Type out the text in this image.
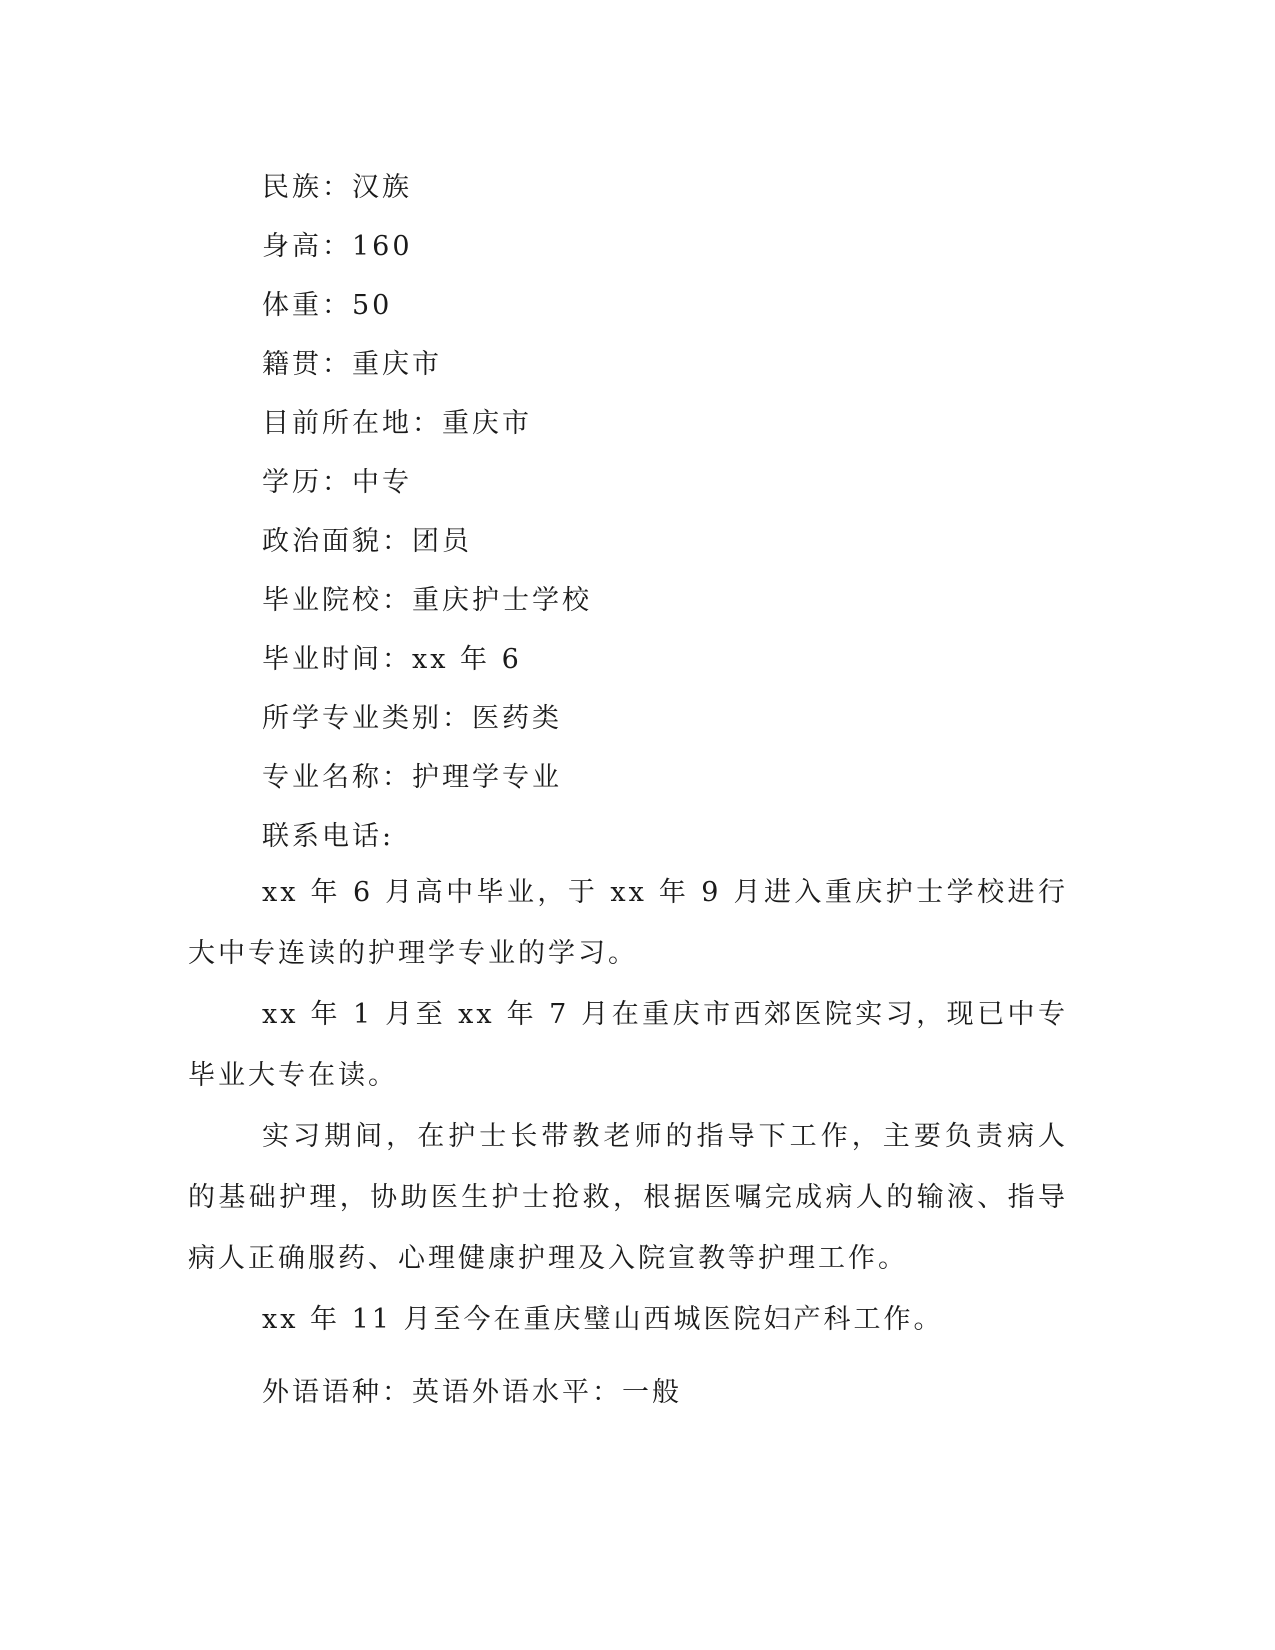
民族：汉族
身高：160
体重：50
籍贯：重庆市
目前所在地：重庆市
学历：中专
政治面貌：团员
毕业院校：重庆护士学校
毕业时间：xx 年 6
所学专业类别：医药类
专业名称：护理学专业
联系电话:

xx 年 6 月高中毕业，于 xx 年 9 月进入重庆护士学校进行大中专连读的护理学专业的学习。

xx 年 1 月至 xx 年 7 月在重庆市西郊医院实习，现已中专毕业大专在读。

实习期间，在护士长带教老师的指导下工作，主要负责病人的基础护理，协助医生护士抢救，根据医嘱完成病人的输液、指导病人正确服药、心理健康护理及入院宣教等护理工作。

xx 年 11 月至今在重庆璧山西城医院妇产科工作。

外语语种：英语外语水平：一般
